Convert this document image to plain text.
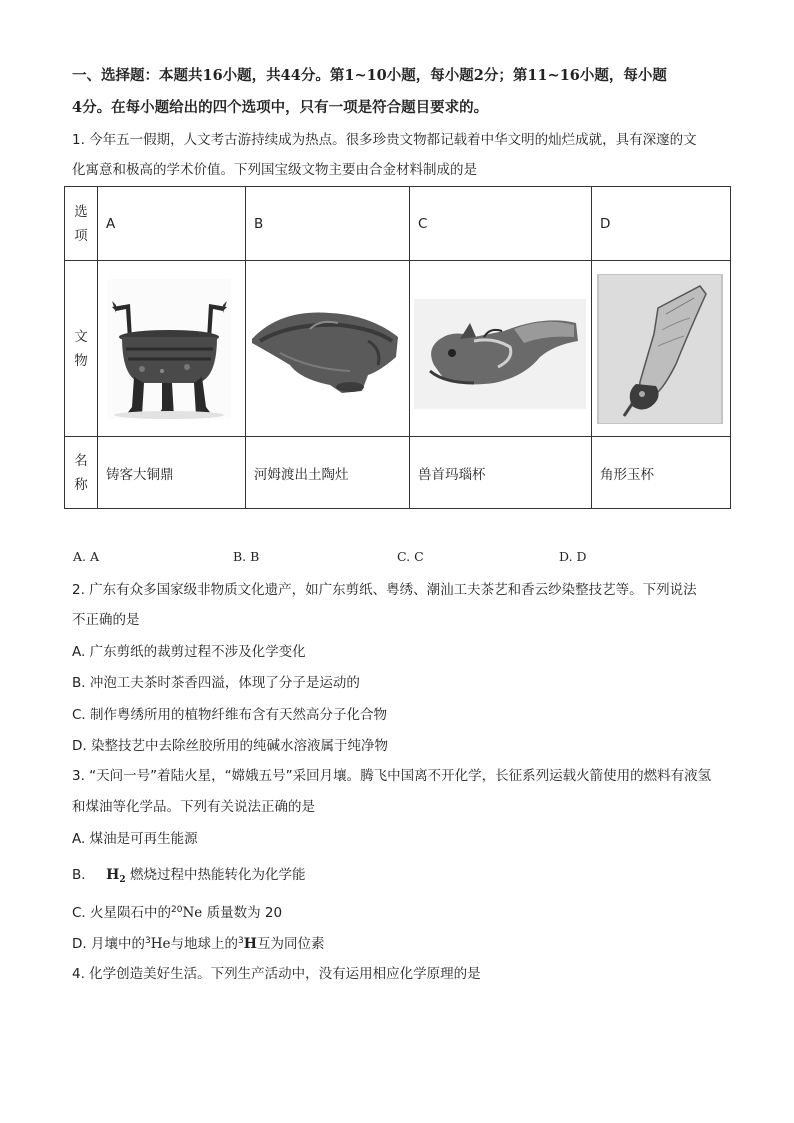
一、选择题：本题共16小题，共44分。第1~10小题，每小题2分；第11~16小题，每小题
4分。在每小题给出的四个选项中，只有一项是符合题目要求的。
1. 今年五一假期，人文考古游持续成为热点。很多珍贵文物都记载着中华文明的灿烂成就，具有深邃的文
化寓意和极高的学术价值。下列国宝级文物主要由合金材料制成的是
选项	A	B	C	D
文物	

名称	铸客大铜鼎	河姆渡出土陶灶	兽首玛瑙杯	角形玉杯
A. A	B. B	C. C	D. D
2. 广东有众多国家级非物质文化遗产，如广东剪纸、粤绣、潮汕工夫茶艺和香云纱染整技艺等。下列说法
不正确的是
A. 广东剪纸的裁剪过程不涉及化学变化
B. 冲泡工夫茶时茶香四溢，体现了分子是运动的
C. 制作粤绣所用的植物纤维布含有天然高分子化合物
D. 染整技艺中去除丝胶所用的纯碱水溶液属于纯净物
3. “天问一号”着陆火星，“嫦娥五号”采回月壤。腾飞中国离不开化学，长征系列运载火箭使用的燃料有液氢
和煤油等化学品。下列有关说法正确的是
A. 煤油是可再生能源
B. $H_2$ 燃烧过程中热能转化为化学能
C. 火星陨石中的$^{20}$Ne 质量数为 20
D. 月壤中的$^3$He与地球上的$^3$H互为同位素
4. 化学创造美好生活。下列生产活动中，没有运用相应化学原理的是
